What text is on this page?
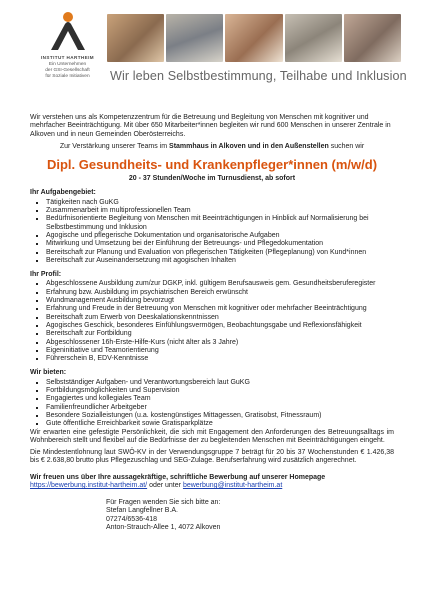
INSTITUT HARTHEIM
Ein Unternehmen
der GSI-Gesellschaft
für Soziale Initiativen	Wir leben Selbstbestimmung, Teilhabe und Inklusion

Wir verstehen uns als Kompetenzzentrum für die Betreuung und Begleitung von Menschen mit kognitiver und mehrfacher Beeinträchtigung. Mit über 650 Mitarbeiter*innen begleiten wir rund 600 Menschen in unserer Zentrale in Alkoven und in neun Gemeinden Oberösterreichs.

Zur Verstärkung unserer Teams im Stammhaus in Alkoven und in den Außenstellen suchen wir

Dipl. Gesundheits- und Krankenpfleger*innen (m/w/d)
20 - 37 Stunden/Woche im Turnusdienst, ab sofort
Ihr Aufgabengebiet:
▪ Tätigkeiten nach GuKG
▪ Zusammenarbeit im multiprofessionellen Team
▪ Bedürfnisorientierte Begleitung von Menschen mit Beeinträchtigungen in Hinblick auf Normalisierung bei Selbstbestimmung und Inklusion
▪ Agogische und pflegerische Dokumentation und organisatorische Aufgaben
▪ Mitwirkung und Umsetzung bei der Einführung der Betreuungs- und Pflegedokumentation
▪ Bereitschaft zur Planung und Evaluation von pflegerischen Tätigkeiten (Pflegeplanung) von Kund*innen
▪ Bereitschaft zur Auseinandersetzung mit agogischen Inhalten
Ihr Profil:
▪ Abgeschlossene Ausbildung zum/zur DGKP, inkl. gültigem Berufsausweis gem. Gesundheitsberuferegister
▪ Erfahrung bzw. Ausbildung im psychiatrischen Bereich erwünscht
▪ Wundmanagement Ausbildung bevorzugt
▪ Erfahrung und Freude in der Betreuung von Menschen mit kognitiver oder mehrfacher Beeinträchtigung
▪ Bereitschaft zum Erwerb von Deeskalationskenntnissen
▪ Agogisches Geschick, besonderes Einfühlungsvermögen, Beobachtungsgabe und Reflexionsfähigkeit
▪ Bereitschaft zur Fortbildung
▪ Abgeschlossener 16h-Erste-Hilfe-Kurs (nicht älter als 3 Jahre)
▪ Eigeninitiative und Teamorientierung
▪ Führerschein B, EDV-Kenntnisse
Wir bieten:
▪ Selbstständiger Aufgaben- und Verantwortungsbereich laut GuKG
▪ Fortbildungsmöglichkeiten und Supervision
▪ Engagiertes und kollegiales Team
▪ Familienfreundlicher Arbeitgeber
▪ Besondere Sozialleistungen (u.a. kostengünstiges Mittagessen, Gratisobst, Fitnessraum)
▪ Gute öffentliche Erreichbarkeit sowie Gratisparkplätze

Wir erwarten eine gefestigte Persönlichkeit, die sich mit Engagement den Anforderungen des Betreuungsalltags im Wohnbereich stellt und flexibel auf die Bedürfnisse der zu begleitenden Menschen mit Beeinträchtigungen eingeht.

Die Mindestentlohnung laut SWÖ-KV in der Verwendungsgruppe 7 beträgt für 20 bis 37 Wochenstunden € 1.426,38 bis € 2.638,80 brutto plus Pflegezuschlag und SEG-Zulage. Berufserfahrung wird zusätzlich angerechnet.

Wir freuen uns über Ihre aussagekräftige, schriftliche Bewerbung auf unserer Homepage
https://bewerbung.institut-hartheim.at/ oder unter bewerbung@institut-hartheim.at
Für Fragen wenden Sie sich bitte an:
Stefan Langfellner B.A.
07274/6536-418
Anton-Strauch-Allee 1, 4072 Alkoven
